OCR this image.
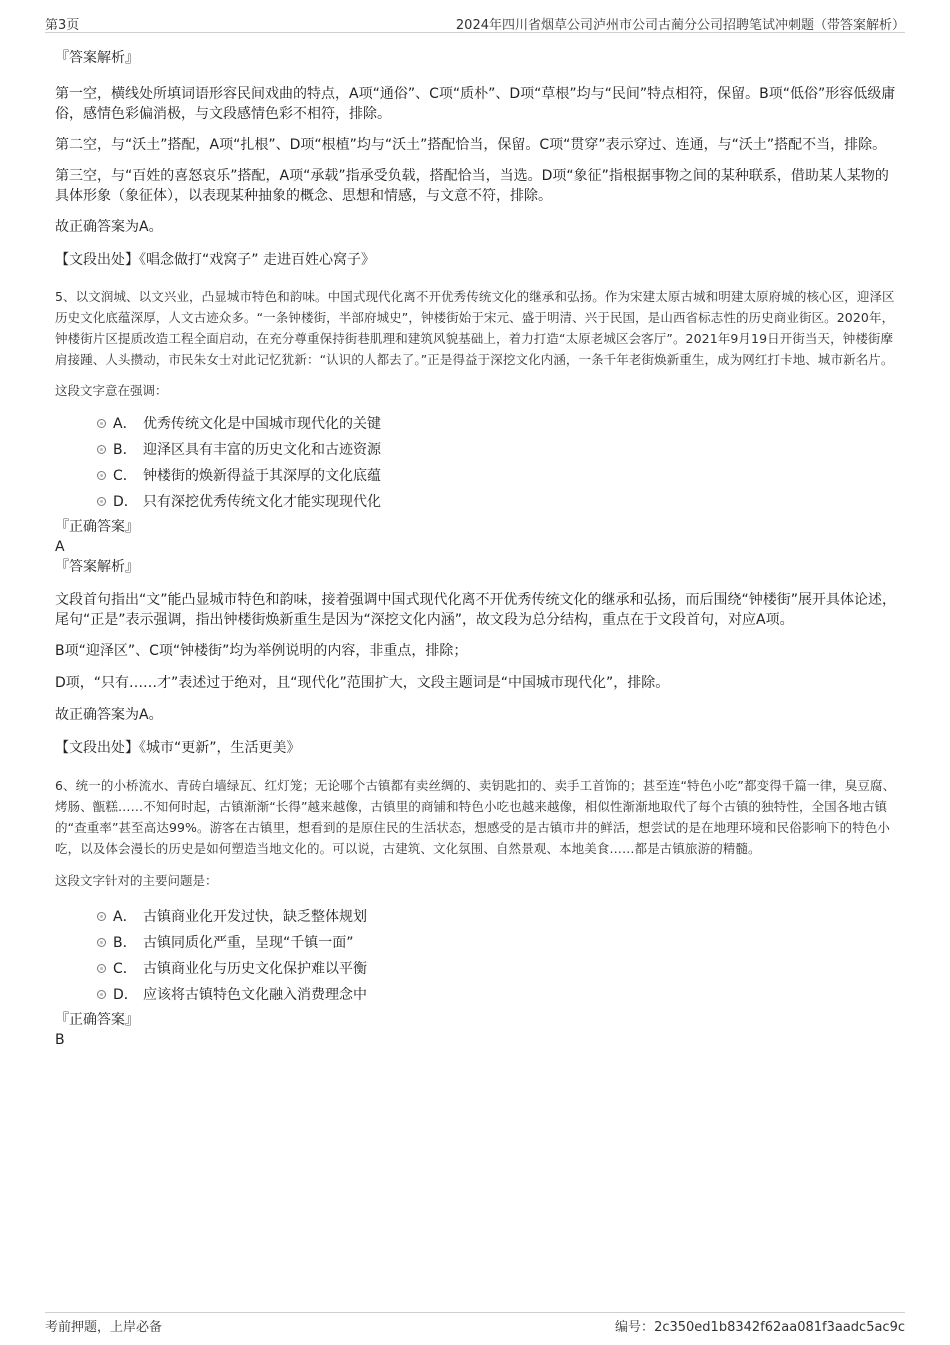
第3页	2024年四川省烟草公司泸州市公司古蔺分公司招聘笔试冲刺题（带答案解析）

『答案解析』

第一空，横线处所填词语形容民间戏曲的特点，A项“通俗”、C项“质朴”、D项“草根”均与“民间”特点相符，保留。B项“低俗”形容低级庸俗，感情色彩偏消极，与文段感情色彩不相符，排除。

第二空，与“沃土”搭配，A项“扎根”、D项“根植”均与“沃土”搭配恰当，保留。C项“贯穿”表示穿过、连通，与“沃土”搭配不当，排除。

第三空，与“百姓的喜怒哀乐”搭配，A项“承载”指承受负载，搭配恰当，当选。D项“象征”指根据事物之间的某种联系，借助某人某物的具体形象（象征体），以表现某种抽象的概念、思想和情感，与文意不符，排除。

故正确答案为A。

【文段出处】《唱念做打“戏窝子” 走进百姓心窝子》

5、以文润城、以文兴业，凸显城市特色和韵味。中国式现代化离不开优秀传统文化的继承和弘扬。作为宋建太原古城和明建太原府城的核心区，迎泽区历史文化底蕴深厚，人文古迹众多。“一条钟楼街，半部府城史”，钟楼街始于宋元、盛于明清、兴于民国，是山西省标志性的历史商业街区。2020年，钟楼街片区提质改造工程全面启动，在充分尊重保持街巷肌理和建筑风貌基础上，着力打造“太原老城区会客厅”。2021年9月19日开街当天，钟楼街摩肩接踵、人头攒动，市民朱女士对此记忆犹新：“认识的人都去了。”正是得益于深挖文化内涵，一条千年老街焕新重生，成为网红打卡地、城市新名片。

这段文字意在强调：

A． 优秀传统文化是中国城市现代化的关键
B． 迎泽区具有丰富的历史文化和古迹资源
C． 钟楼街的焕新得益于其深厚的文化底蕴
D． 只有深挖优秀传统文化才能实现现代化

『正确答案』

A

『答案解析』

文段首句指出“文”能凸显城市特色和韵味，接着强调中国式现代化离不开优秀传统文化的继承和弘扬，而后围绕“钟楼街”展开具体论述，尾句“正是”表示强调，指出钟楼街焕新重生是因为“深挖文化内涵”，故文段为总分结构，重点在于文段首句，对应A项。

B项“迎泽区”、C项“钟楼街”均为举例说明的内容，非重点，排除；

D项，“只有……才”表述过于绝对，且“现代化”范围扩大，文段主题词是“中国城市现代化”，排除。

故正确答案为A。

【文段出处】《城市“更新”，生活更美》

6、统一的小桥流水、青砖白墙绿瓦、红灯笼；无论哪个古镇都有卖丝绸的、卖钥匙扣的、卖手工首饰的；甚至连“特色小吃”都变得千篇一律，臭豆腐、烤肠、甑糕……不知何时起，古镇渐渐“长得”越来越像，古镇里的商铺和特色小吃也越来越像，相似性渐渐地取代了每个古镇的独特性，全国各地古镇的“查重率”甚至高达99%。游客在古镇里，想看到的是原住民的生活状态，想感受的是古镇市井的鲜活，想尝试的是在地理环境和民俗影响下的特色小吃，以及体会漫长的历史是如何塑造当地文化的。可以说，古建筑、文化氛围、自然景观、本地美食……都是古镇旅游的精髓。

这段文字针对的主要问题是：

A． 古镇商业化开发过快，缺乏整体规划
B． 古镇同质化严重，呈现“千镇一面”
C． 古镇商业化与历史文化保护难以平衡
D． 应该将古镇特色文化融入消费理念中

『正确答案』

B

考前押题，上岸必备	编号：2c350ed1b8342f62aa081f3aadc5ac9c
